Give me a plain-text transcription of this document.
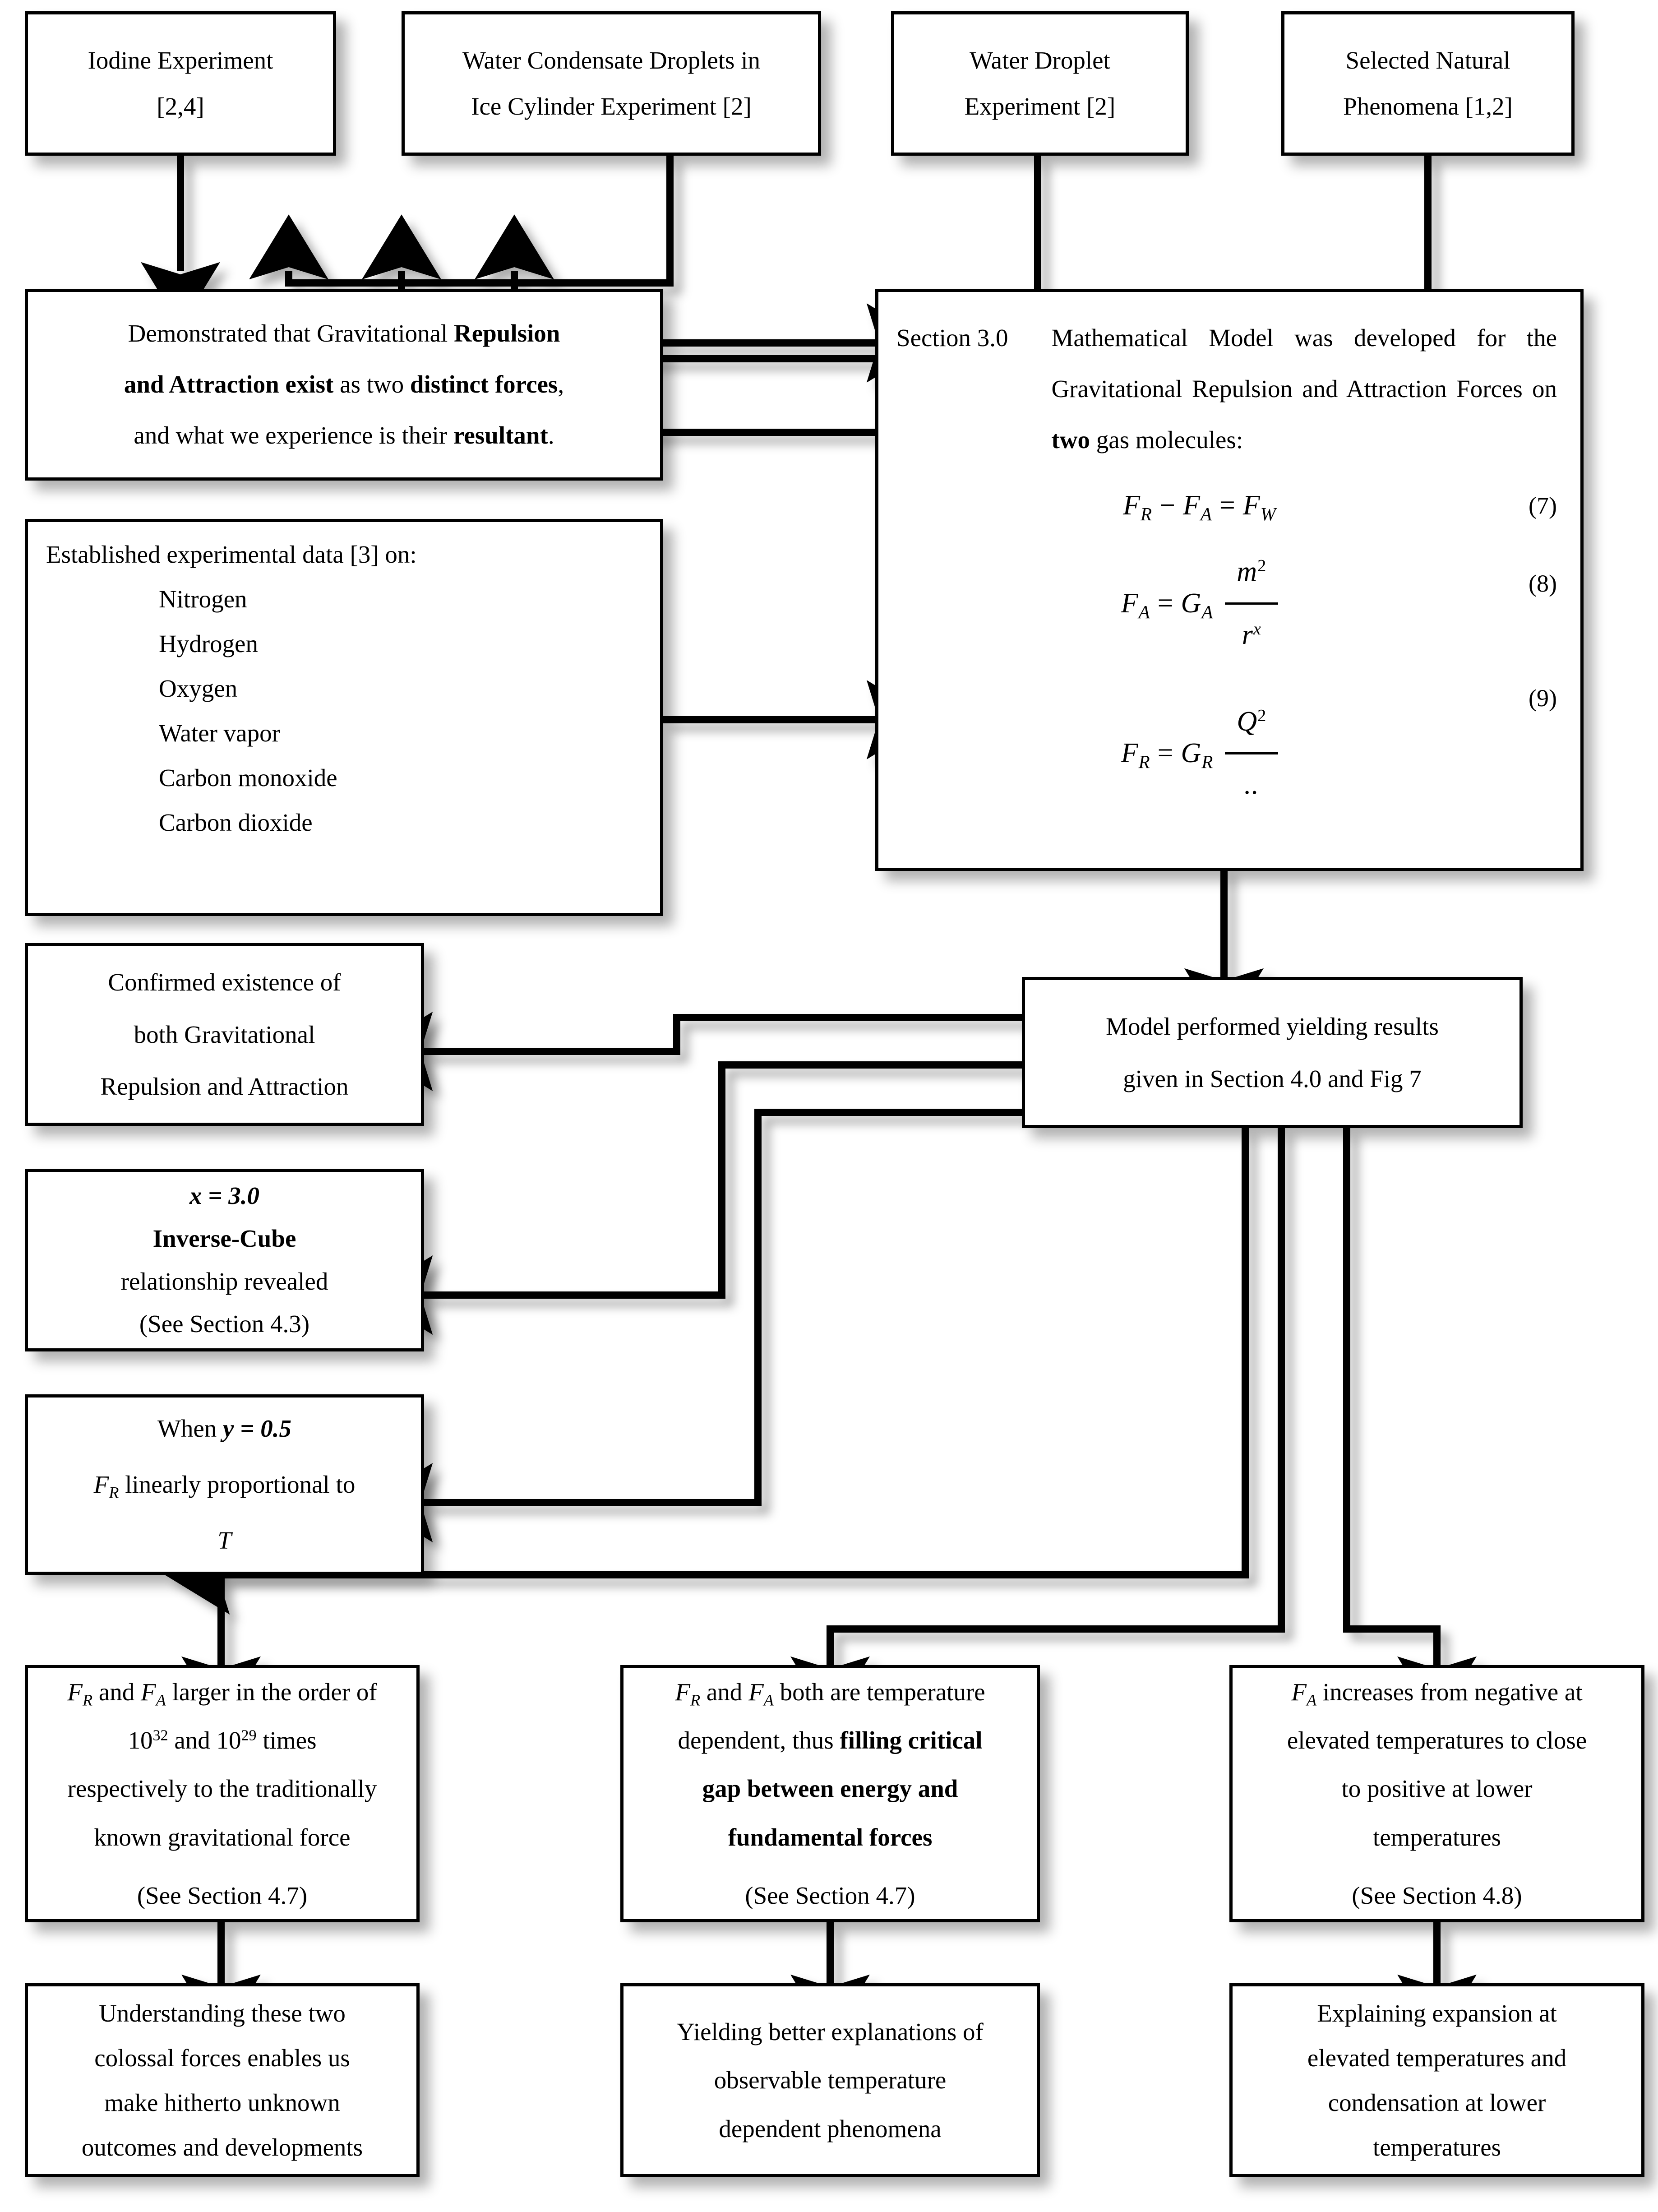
Iodine Experiment
[2,4]
Water Condensate Droplets in
Ice Cylinder Experiment [2]
Water Droplet
Experiment [2]
Selected Natural
Phenomena [1,2]
Demonstrated that Gravitational Repulsion
and Attraction exist as two distinct forces,
and what we experience is their resultant.
Established experimental data [3] on:
Nitrogen
Hydrogen
Oxygen
Water vapor
Carbon monoxide
Carbon dioxide
Section 3.0 Mathematical Model was developed for the Gravitational Repulsion and Attraction Forces on two gas molecules:
$F_R - F_A = F_W$	(7)
$F_A = G_A \frac{m^2}{r^x}$	(8)
$F_R = G_R \frac{Q^2}{..}$	(9)
Model performed yielding results
given in Section 4.0 and Fig 7
Confirmed existence of
both Gravitational
Repulsion and Attraction
x = 3.0
Inverse-Cube
relationship revealed
(See Section 4.3)
When y = 0.5
$F_R$ linearly proportional to
T
$F_R$ and $F_A$ larger in the order of
$10^{32}$ and $10^{29}$ times
respectively to the traditionally
known gravitational force
(See Section 4.7)
$F_R$ and $F_A$ both are temperature
dependent, thus filling critical
gap between energy and
fundamental forces
(See Section 4.7)
$F_A$ increases from negative at
elevated temperatures to close
to positive at lower
temperatures
(See Section 4.8)
Understanding these two
colossal forces enables us
make hitherto unknown
outcomes and developments
Yielding better explanations of
observable temperature
dependent phenomena
Explaining expansion at
elevated temperatures and
condensation at lower
temperatures
